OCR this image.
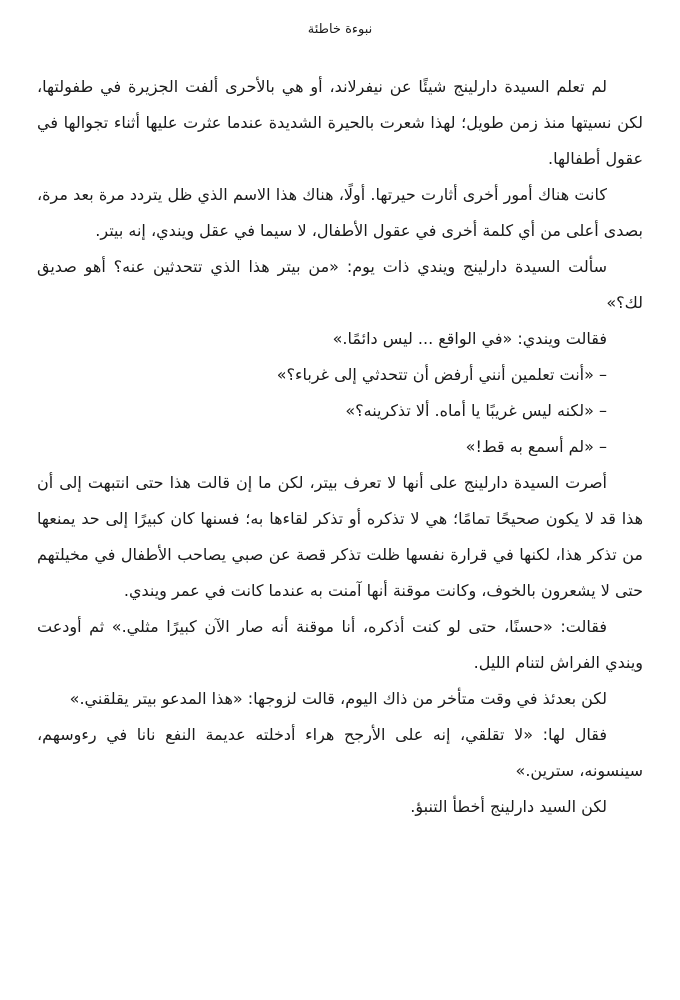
نبوءة خاطئة

لم تعلم السيدة دارلينج شيئًا عن نيفرلاند، أو هي بالأحرى ألفت الجزيرة في طفولتها، لكن نسيتها منذ زمن طويل؛ لهذا شعرت بالحيرة الشديدة عندما عثرت عليها أثناء تجوالها في عقول أطفالها.

كانت هناك أمور أخرى أثارت حيرتها. أولًا، هناك هذا الاسم الذي ظل يتردد مرة بعد مرة، بصدى أعلى من أي كلمة أخرى في عقول الأطفال، لا سيما في عقل ويندي، إنه بيتر.

سألت السيدة دارلينج ويندي ذات يوم: «من بيتر هذا الذي تتحدثين عنه؟ أهو صديق لك؟»

فقالت ويندي: «في الواقع ... ليس دائمًا.»

– «أنت تعلمين أنني أرفض أن تتحدثي إلى غرباء؟»

– «لكنه ليس غريبًا يا أماه. ألا تذكرينه؟»

– «لم أسمع به قط!»

أصرت السيدة دارلينج على أنها لا تعرف بيتر، لكن ما إن قالت هذا حتى انتبهت إلى أن هذا قد لا يكون صحيحًا تمامًا؛ هي لا تذكره أو تذكر لقاءها به؛ فسنها كان كبيرًا إلى حد يمنعها من تذكر هذا، لكنها في قرارة نفسها ظلت تذكر قصة عن صبي يصاحب الأطفال في مخيلتهم حتى لا يشعرون بالخوف، وكانت موقنة أنها آمنت به عندما كانت في عمر ويندي.

فقالت: «حسنًا، حتى لو كنت أذكره، أنا موقنة أنه صار الآن كبيرًا مثلي.» ثم أودعت ويندي الفراش لتنام الليل.

لكن بعدئذ في وقت متأخر من ذاك اليوم، قالت لزوجها: «هذا المدعو بيتر يقلقني.»

فقال لها: «لا تقلقي، إنه على الأرجح هراء أدخلته عديمة النفع نانا في رءوسهم، سينسونه، سترين.»

لكن السيد دارلينج أخطأ التنبؤ.
